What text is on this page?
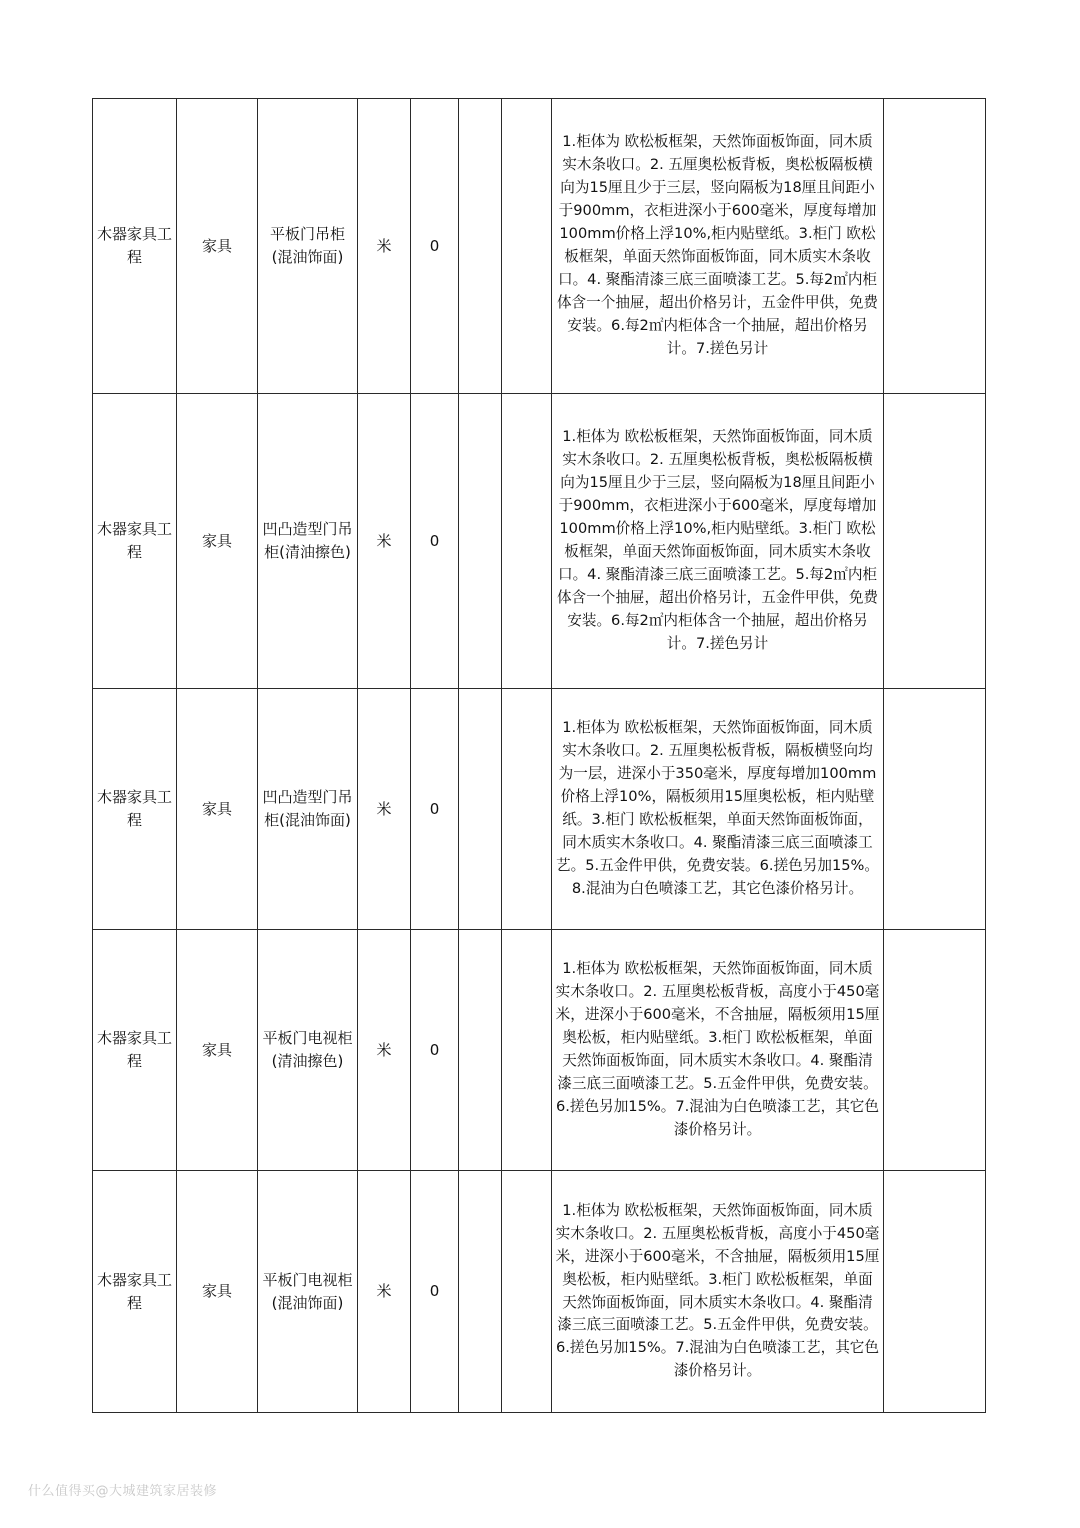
木器家具工程	家具	平板门吊柜(混油饰面)	米	0			1.柜体为 欧松板框架，天然饰面板饰面，同木质实木条收口。2. 五厘奥松板背板，奥松板隔板横向为15厘且少于三层，竖向隔板为18厘且间距小于900mm，衣柜进深小于600毫米，厚度每增加100mm价格上浮10%,柜内贴壁纸。3.柜门 欧松板框架，单面天然饰面板饰面，同木质实木条收口。4. 聚酯清漆三底三面喷漆工艺。5.每2㎡内柜体含一个抽屉，超出价格另计，五金件甲供，免费安装。6.每2㎡内柜体含一个抽屉，超出价格另计。7.搓色另计	
木器家具工程	家具	凹凸造型门吊柜(清油擦色)	米	0			1.柜体为 欧松板框架，天然饰面板饰面，同木质实木条收口。2. 五厘奥松板背板，奥松板隔板横向为15厘且少于三层，竖向隔板为18厘且间距小于900mm，衣柜进深小于600毫米，厚度每增加100mm价格上浮10%,柜内贴壁纸。3.柜门 欧松板框架，单面天然饰面板饰面，同木质实木条收口。4. 聚酯清漆三底三面喷漆工艺。5.每2㎡内柜体含一个抽屉，超出价格另计，五金件甲供，免费安装。6.每2㎡内柜体含一个抽屉，超出价格另计。7.搓色另计	
木器家具工程	家具	凹凸造型门吊柜(混油饰面)	米	0			1.柜体为 欧松板框架，天然饰面板饰面，同木质实木条收口。2. 五厘奥松板背板，隔板横竖向均为一层，进深小于350毫米，厚度每增加100mm价格上浮10%，隔板须用15厘奥松板，柜内贴壁纸。3.柜门 欧松板框架，单面天然饰面板饰面，同木质实木条收口。4. 聚酯清漆三底三面喷漆工艺。5.五金件甲供，免费安装。6.搓色另加15%。8.混油为白色喷漆工艺，其它色漆价格另计。	
木器家具工程	家具	平板门电视柜(清油擦色)	米	0			1.柜体为 欧松板框架，天然饰面板饰面，同木质实木条收口。2. 五厘奥松板背板，高度小于450毫米，进深小于600毫米，不含抽屉，隔板须用15厘奥松板，柜内贴壁纸。3.柜门 欧松板框架，单面天然饰面板饰面，同木质实木条收口。4. 聚酯清漆三底三面喷漆工艺。5.五金件甲供，免费安装。6.搓色另加15%。7.混油为白色喷漆工艺，其它色漆价格另计。	
木器家具工程	家具	平板门电视柜(混油饰面)	米	0			1.柜体为 欧松板框架，天然饰面板饰面，同木质实木条收口。2. 五厘奥松板背板，高度小于450毫米，进深小于600毫米，不含抽屉，隔板须用15厘奥松板，柜内贴壁纸。3.柜门 欧松板框架，单面天然饰面板饰面，同木质实木条收口。4. 聚酯清漆三底三面喷漆工艺。5.五金件甲供，免费安装。6.搓色另加15%。7.混油为白色喷漆工艺，其它色漆价格另计。	
什么值得买@大城建筑家居装修
